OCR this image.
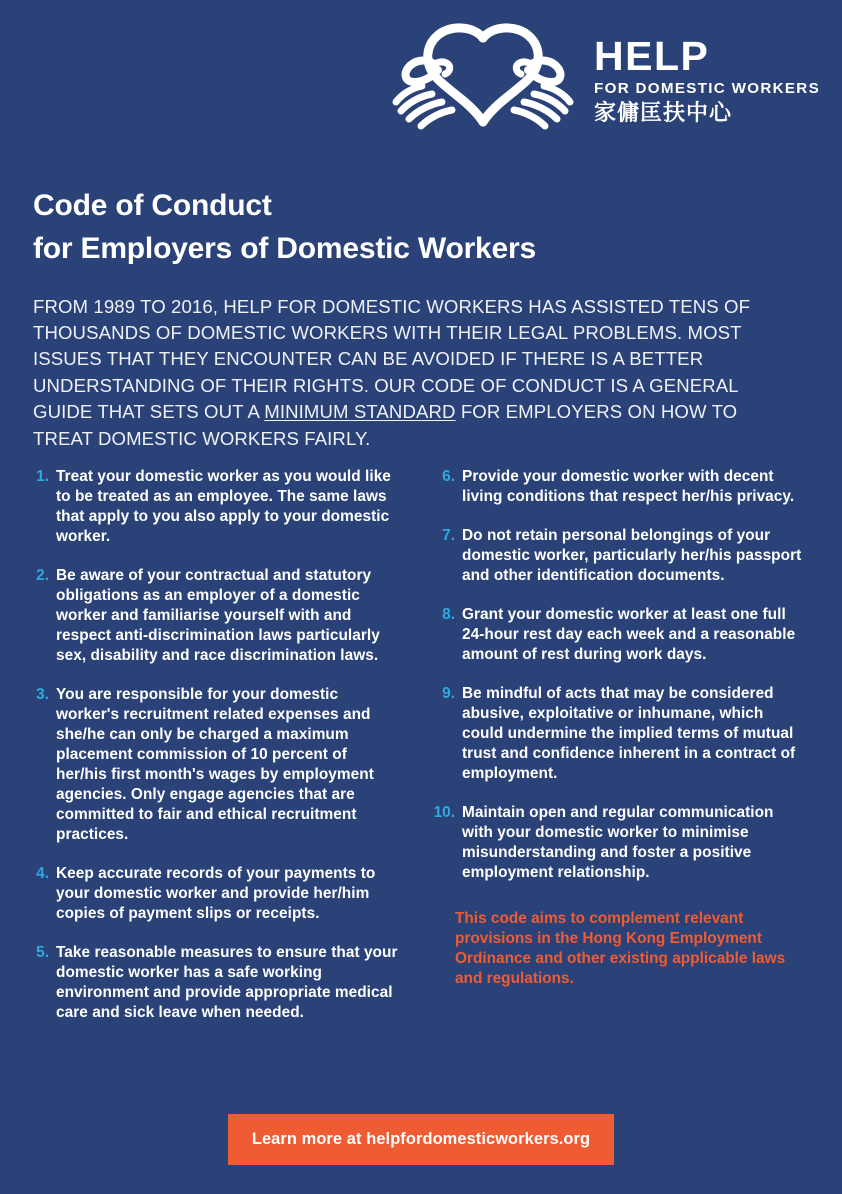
HELP
FOR DOMESTIC WORKERS
家傭匡扶中心
Code of Conduct
for Employers of Domestic Workers

FROM 1989 TO 2016, HELP FOR DOMESTIC WORKERS HAS ASSISTED TENS OF THOUSANDS OF DOMESTIC WORKERS WITH THEIR LEGAL PROBLEMS. MOST ISSUES THAT THEY ENCOUNTER CAN BE AVOIDED IF THERE IS A BETTER UNDERSTANDING OF THEIR RIGHTS. OUR CODE OF CONDUCT IS A GENERAL GUIDE THAT SETS OUT A MINIMUM STANDARD FOR EMPLOYERS ON HOW TO TREAT DOMESTIC WORKERS FAIRLY.

1. Treat your domestic worker as you would like to be treated as an employee. The same laws that apply to you also apply to your domestic worker.
2. Be aware of your contractual and statutory obligations as an employer of a domestic worker and familiarise yourself with and respect anti-discrimination laws particularly sex, disability and race discrimination laws.
3. You are responsible for your domestic worker's recruitment related expenses and she/he can only be charged a maximum placement commission of 10 percent of her/his first month's wages by employment agencies. Only engage agencies that are committed to fair and ethical recruitment practices.
4. Keep accurate records of your payments to your domestic worker and provide her/him copies of payment slips or receipts.
5. Take reasonable measures to ensure that your domestic worker has a safe working environment and provide appropriate medical care and sick leave when needed.
6. Provide your domestic worker with decent living conditions that respect her/his privacy.
7. Do not retain personal belongings of your domestic worker, particularly her/his passport and other identification documents.
8. Grant your domestic worker at least one full 24-hour rest day each week and a reasonable amount of rest during work days.
9. Be mindful of acts that may be considered abusive, exploitative or inhumane, which could undermine the implied terms of mutual trust and confidence inherent in a contract of employment.
10. Maintain open and regular communication with your domestic worker to minimise misunderstanding and foster a positive employment relationship.
This code aims to complement relevant provisions in the Hong Kong Employment Ordinance and other existing applicable laws and regulations.
Learn more at helpfordomesticworkers.org
